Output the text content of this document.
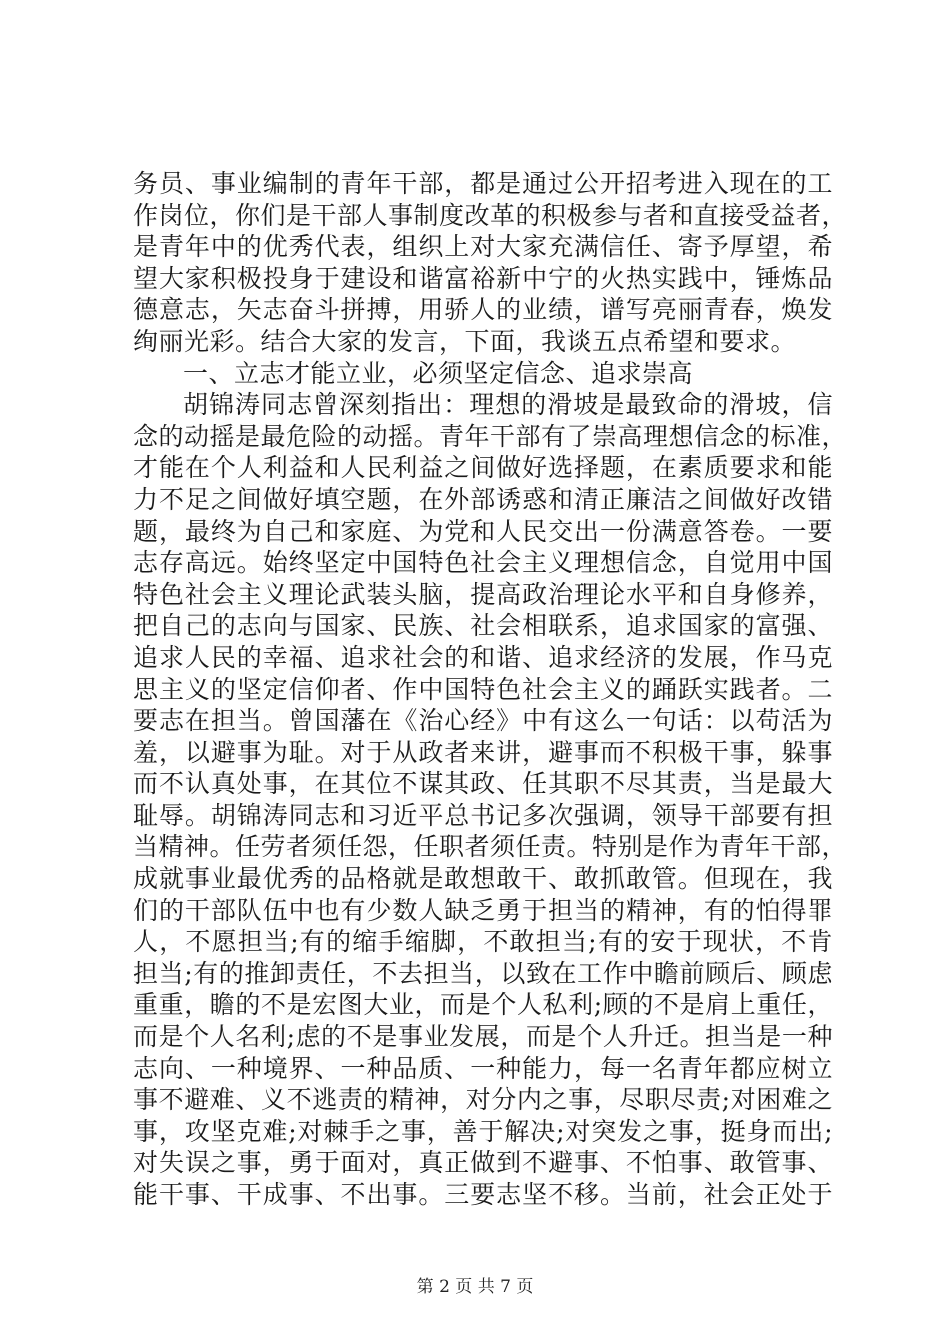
务员、事业编制的青年干部，都是通过公开招考进入现在的工
作岗位，你们是干部人事制度改革的积极参与者和直接受益者，
是青年中的优秀代表，组织上对大家充满信任、寄予厚望，希
望大家积极投身于建设和谐富裕新中宁的火热实践中，锤炼品
德意志，矢志奋斗拼搏，用骄人的业绩，谱写亮丽青春，焕发
绚丽光彩。结合大家的发言，下面，我谈五点希望和要求。
一、立志才能立业，必须坚定信念、追求崇高
胡锦涛同志曾深刻指出：理想的滑坡是最致命的滑坡，信
念的动摇是最危险的动摇。青年干部有了崇高理想信念的标准，
才能在个人利益和人民利益之间做好选择题，在素质要求和能
力不足之间做好填空题，在外部诱惑和清正廉洁之间做好改错
题，最终为自己和家庭、为党和人民交出一份满意答卷。一要
志存高远。始终坚定中国特色社会主义理想信念，自觉用中国
特色社会主义理论武装头脑，提高政治理论水平和自身修养，
把自己的志向与国家、民族、社会相联系，追求国家的富强、
追求人民的幸福、追求社会的和谐、追求经济的发展，作马克
思主义的坚定信仰者、作中国特色社会主义的踊跃实践者。二
要志在担当。曾国藩在《治心经》中有这么一句话：以苟活为
羞，以避事为耻。对于从政者来讲，避事而不积极干事，躲事
而不认真处事，在其位不谋其政、任其职不尽其责，当是最大
耻辱。胡锦涛同志和习近平总书记多次强调，领导干部要有担
当精神。任劳者须任怨，任职者须任责。特别是作为青年干部，
成就事业最优秀的品格就是敢想敢干、敢抓敢管。但现在，我
们的干部队伍中也有少数人缺乏勇于担当的精神，有的怕得罪
人，不愿担当;有的缩手缩脚，不敢担当;有的安于现状，不肯
担当;有的推卸责任，不去担当，以致在工作中瞻前顾后、顾虑
重重，瞻的不是宏图大业，而是个人私利;顾的不是肩上重任，
而是个人名利;虑的不是事业发展，而是个人升迁。担当是一种
志向、一种境界、一种品质、一种能力，每一名青年都应树立
事不避难、义不逃责的精神，对分内之事，尽职尽责;对困难之
事，攻坚克难;对棘手之事，善于解决;对突发之事，挺身而出;
对失误之事，勇于面对，真正做到不避事、不怕事、敢管事、
能干事、干成事、不出事。三要志坚不移。当前，社会正处于
第 2 页 共 7 页
